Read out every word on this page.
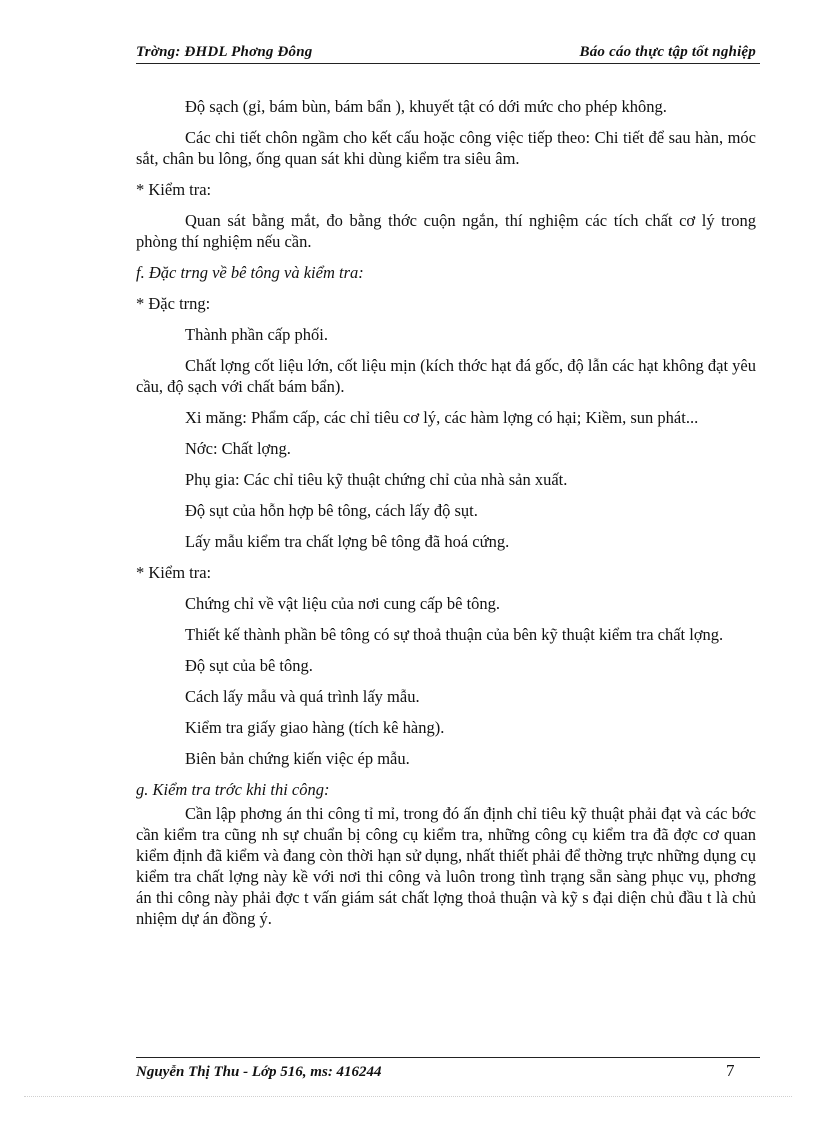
Trờng: ĐHDL Phơng Đông	Báo cáo thực tập tốt nghiệp

Độ sạch (gỉ, bám bùn, bám bẩn ), khuyết tật có dới mức cho phép không.

Các chi tiết chôn ngầm cho kết cấu hoặc công việc tiếp theo: Chi tiết để sau hàn, móc sắt, chân bu lông, ống quan sát khi dùng kiểm tra siêu âm.

* Kiểm tra:

Quan sát bằng mắt, đo bằng thớc cuộn ngắn, thí nghiệm các tích chất cơ lý trong phòng thí nghiệm nếu cần.

f. Đặc trng về bê tông và kiểm tra:

* Đặc trng:

Thành phần cấp phối.

Chất lợng cốt liệu lớn, cốt liệu mịn (kích thớc hạt đá gốc, độ lẫn các hạt không đạt yêu cầu, độ sạch với chất bám bẩn).

Xi măng: Phẩm cấp, các chỉ tiêu cơ lý, các hàm lợng có hại; Kiềm, sun phát...

Nớc: Chất lợng.

Phụ gia: Các chỉ tiêu kỹ thuật chứng chỉ của nhà sản xuất.

Độ sụt của hỗn hợp bê tông, cách lấy độ sụt.

Lấy mẫu kiểm tra chất lợng bê tông đã hoá cứng.

* Kiểm tra:

Chứng chỉ về vật liệu của nơi cung cấp bê tông.

Thiết kế thành phần bê tông có sự thoả thuận của bên kỹ thuật kiểm tra chất lợng.

Độ sụt của bê tông.

Cách lấy mẫu và quá trình lấy mẫu.

Kiểm tra giấy giao hàng (tích kê hàng).

Biên bản chứng kiến việc ép mẫu.

g. Kiểm tra trớc khi thi công:

Cần lập phơng án thi công tỉ mỉ, trong đó ấn định chỉ tiêu kỹ thuật phải đạt và các bớc cần kiểm tra cũng nh sự chuẩn bị công cụ kiểm tra, những công cụ kiểm tra đã đợc cơ quan kiểm định đã kiểm và đang còn thời hạn sử dụng, nhất thiết phải để thờng trực những dụng cụ kiểm tra chất lợng này kề với nơi thi công và luôn trong tình trạng sẵn sàng phục vụ, phơng án thi công này phải đợc t vấn giám sát chất lợng thoả thuận và kỹ s đại diện chủ đầu t là chủ nhiệm dự án đồng ý.

Nguyễn Thị Thu - Lớp 516, ms: 416244	7
